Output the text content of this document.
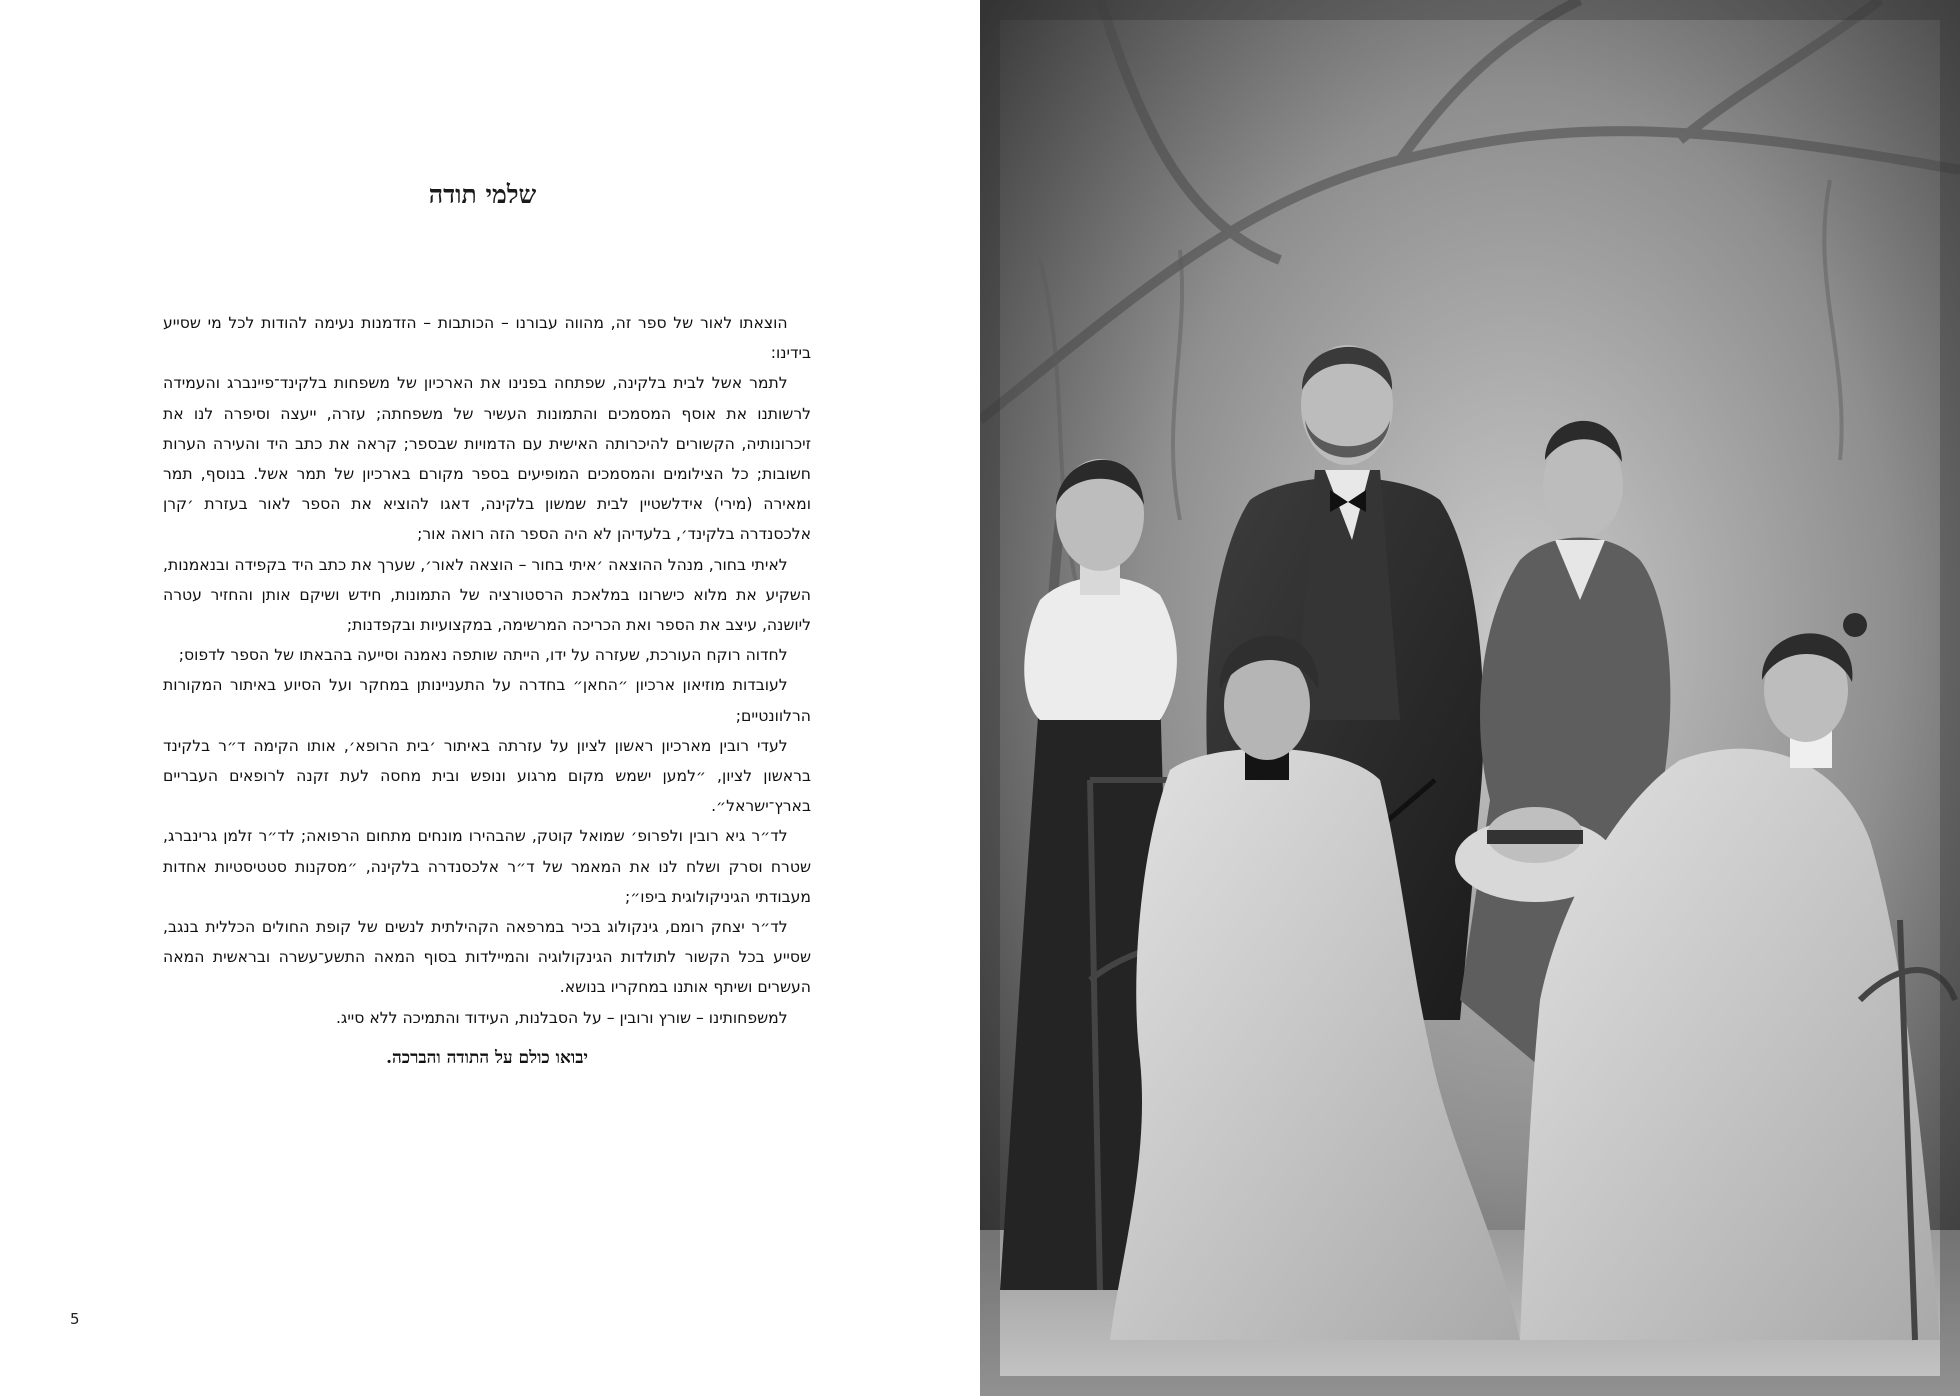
שלמי תודה

הוצאתו לאור של ספר זה, מהווה עבורנו – הכותבות – הזדמנות נעימה להודות לכל מי שסייע בידינו:

לתמר אשל לבית בלקינה, שפתחה בפנינו את הארכיון של משפחות בלקינד־פיינברג והעמידה לרשותנו את אוסף המסמכים והתמונות העשיר של משפחתה; עזרה, ייעצה וסיפרה לנו את זיכרונותיה, הקשורים להיכרותה האישית עם הדמויות שבספר; קראה את כתב היד והעירה הערות חשובות; כל הצילומים והמסמכים המופיעים בספר מקורם בארכיון של תמר אשל. בנוסף, תמר ומאירה (מירי) אידלשטיין לבית שמשון בלקינה, דאגו להוציא את הספר לאור בעזרת ׳קרן אלכסנדרה בלקינד׳, בלעדיהן לא היה הספר הזה רואה אור;

לאיתי בחור, מנהל ההוצאה ׳איתי בחור – הוצאה לאור׳, שערך את כתב היד בקפידה ובנאמנות, השקיע את מלוא כישרונו במלאכת הרסטורציה של התמונות, חידש ושיקם אותן והחזיר עטרה ליושנה, עיצב את הספר ואת הכריכה המרשימה, במקצועיות ובקפדנות;

לחדוה רוקח העורכת, שעזרה על ידו, הייתה שותפה נאמנה וסייעה בהבאתו של הספר לדפוס;

לעובדות מוזיאון ארכיון ״החאן״ בחדרה על התעניינותן במחקר ועל הסיוע באיתור המקורות הרלוונטיים;

לעדי רובין מארכיון ראשון לציון על עזרתה באיתור ׳בית הרופא׳, אותו הקימה ד״ר בלקינד בראשון לציון, ״למען ישמש מקום מרגוע ונופש ובית מחסה לעת זקנה לרופאים העבריים בארץ־ישראל״.

לד״ר גיא רובין ולפרופ׳ שמואל קוטק, שהבהירו מונחים מתחום הרפואה; לד״ר זלמן גרינברג, שטרח וסרק ושלח לנו את המאמר של ד״ר אלכסנדרה בלקינה, ״מסקנות סטטיסטיות אחדות מעבודתי הגיניקולוגית ביפו״;

לד״ר יצחק רומם, גינקולוג בכיר במרפאה הקהילתית לנשים של קופת החולים הכללית בנגב, שסייע בכל הקשור לתולדות הגינקולוגיה והמיילדות בסוף המאה התשע־עשרה ובראשית המאה העשרים ושיתף אותנו במחקריו בנושא.

למשפחותינו – שורץ ורובין – על הסבלנות, העידוד והתמיכה ללא סייג.

יבואו כולם על התודה והברכה.

5
